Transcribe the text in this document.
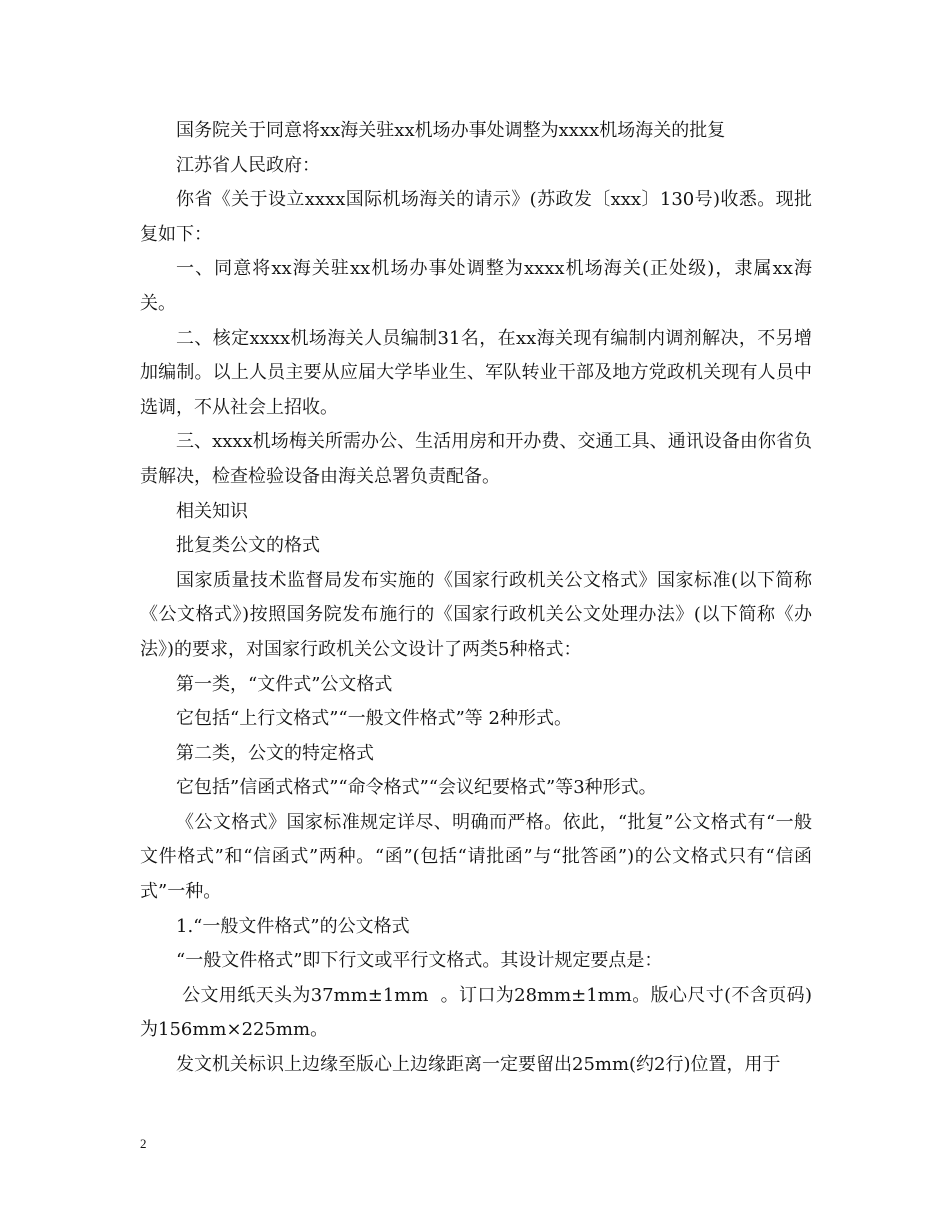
国务院关于同意将xx海关驻xx机场办事处调整为xxxx机场海关的批复

江苏省人民政府：

你省《关于设立xxxx国际机场海关的请示》(苏政发〔xxx〕130号)收悉。现批复如下：

一、同意将xx海关驻xx机场办事处调整为xxxx机场海关(正处级)，隶属xx海关。

二、核定xxxx机场海关人员编制31名，在xx海关现有编制内调剂解决，不另增加编制。以上人员主要从应届大学毕业生、军队转业干部及地方党政机关现有人员中选调，不从社会上招收。

三、xxxx机场梅关所需办公、生活用房和开办费、交通工具、通讯设备由你省负责解决，检查检验设备由海关总署负责配备。

相关知识

批复类公文的格式

国家质量技术监督局发布实施的《国家行政机关公文格式》国家标准(以下简称《公文格式》)按照国务院发布施行的《国家行政机关公文处理办法》(以下简称《办法》)的要求，对国家行政机关公文设计了两类5种格式：

第一类，“文件式”公文格式

它包括“上行文格式”“一般文件格式”等 2种形式。

第二类，公文的特定格式

它包括”信函式格式”“命令格式”“会议纪要格式”等3种形式。

《公文格式》国家标准规定详尽、明确而严格。依此，“批复”公文格式有“一般文件格式”和“信函式”两种。“函”(包括“请批函”与“批答函”)的公文格式只有“信函式”一种。

1.“一般文件格式”的公文格式

“一般文件格式”即下行文或平行文格式。其设计规定要点是：

公文用纸天头为37mm±1mm  。订口为28mm±1mm。版心尺寸(不含页码)为156mm×225mm。

发文机关标识上边缘至版心上边缘距离一定要留出25mm(约2行)位置，用于

2
